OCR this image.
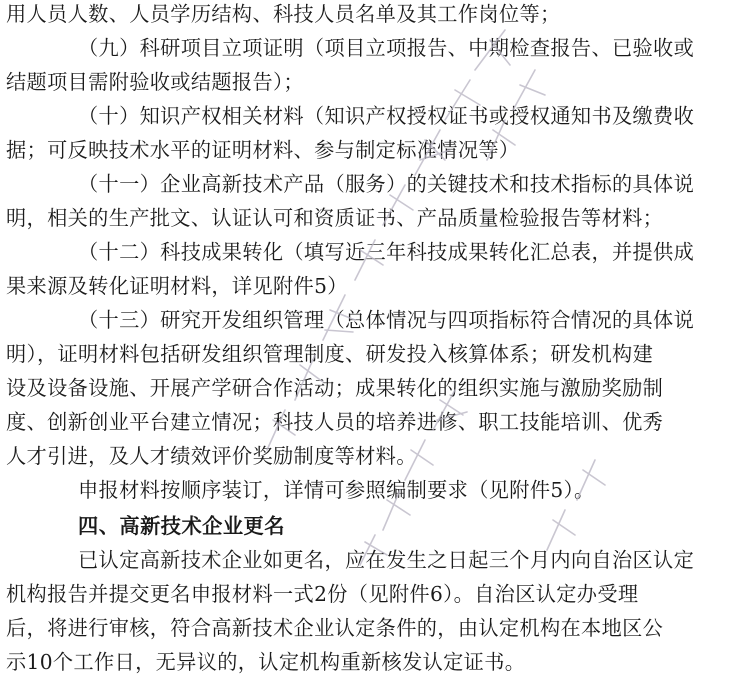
用人员人数、人员学历结构、科技人员名单及其工作岗位等；
（九）科研项目立项证明（项目立项报告、中期检查报告、已验收或
结题项目需附验收或结题报告）；
（十）知识产权相关材料（知识产权授权证书或授权通知书及缴费收
据；可反映技术水平的证明材料、参与制定标准情况等）
（十一）企业高新技术产品（服务）的关键技术和技术指标的具体说
明，相关的生产批文、认证认可和资质证书、产品质量检验报告等材料；
（十二）科技成果转化（填写近三年科技成果转化汇总表，并提供成
果来源及转化证明材料，详见附件5）
（十三）研究开发组织管理（总体情况与四项指标符合情况的具体说
明），证明材料包括研发组织管理制度、研发投入核算体系；研发机构建
设及设备设施、开展产学研合作活动；成果转化的组织实施与激励奖励制
度、创新创业平台建立情况；科技人员的培养进修、职工技能培训、优秀
人才引进，及人才绩效评价奖励制度等材料。
申报材料按顺序装订，详情可参照编制要求（见附件5）。
四、高新技术企业更名
已认定高新技术企业如更名，应在发生之日起三个月内向自治区认定
机构报告并提交更名申报材料一式2份（见附件6）。自治区认定办受理
后，将进行审核，符合高新技术企业认定条件的，由认定机构在本地区公
示10个工作日，无异议的，认定机构重新核发认定证书。
